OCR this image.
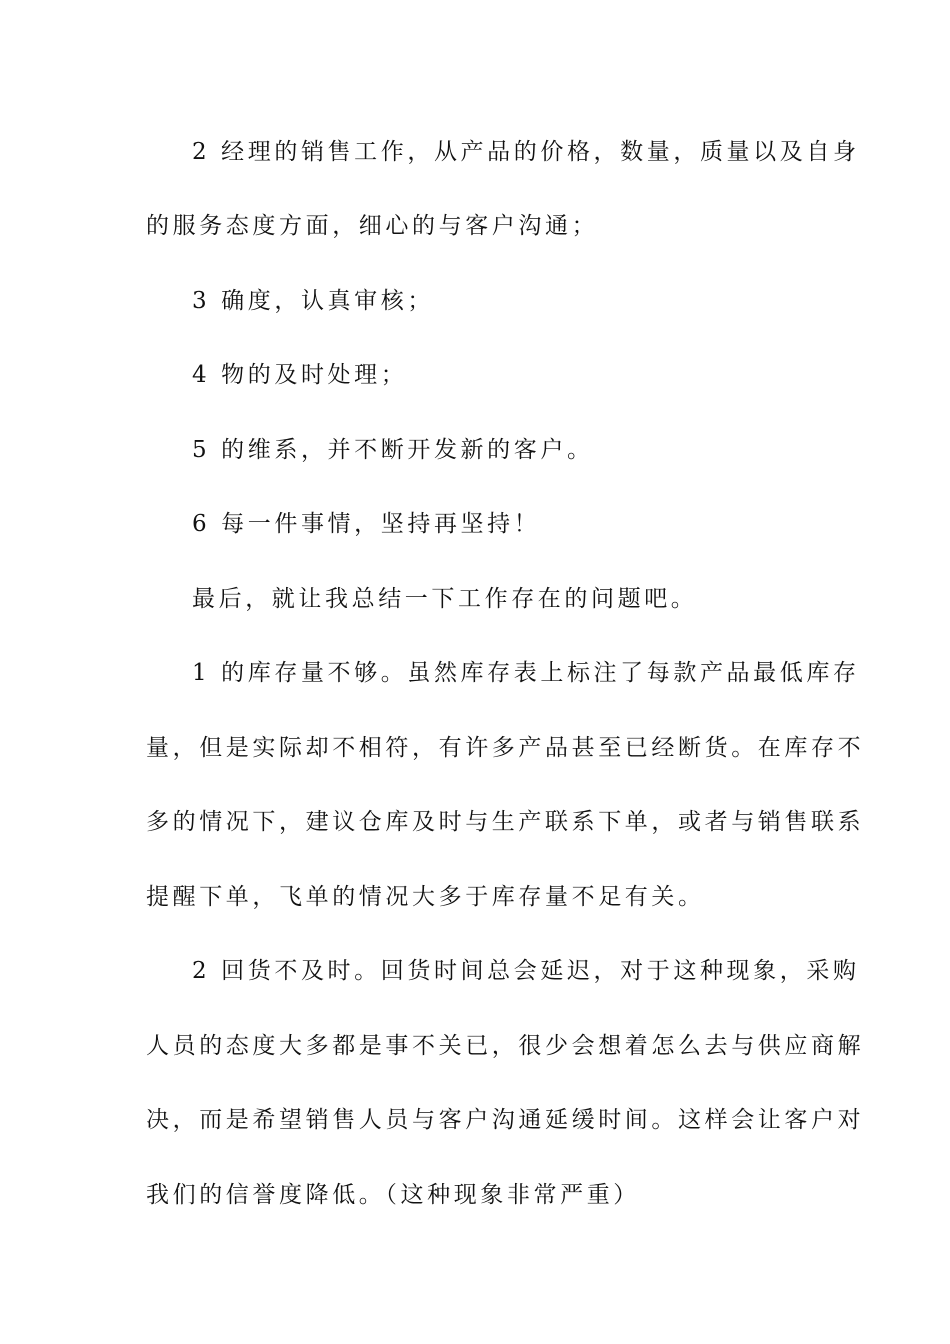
2 经理的销售工作，从产品的价格，数量，质量以及自身
的服务态度方面，细心的与客户沟通；
3 确度，认真审核；
4 物的及时处理；
5 的维系，并不断开发新的客户。
6 每一件事情，坚持再坚持！
最后，就让我总结一下工作存在的问题吧。
1 的库存量不够。虽然库存表上标注了每款产品最低库存
量，但是实际却不相符，有许多产品甚至已经断货。在库存不
多的情况下，建议仓库及时与生产联系下单，或者与销售联系
提醒下单，飞单的情况大多于库存量不足有关。
2 回货不及时。回货时间总会延迟，对于这种现象，采购
人员的态度大多都是事不关已，很少会想着怎么去与供应商解
决，而是希望销售人员与客户沟通延缓时间。这样会让客户对
我们的信誉度降低。（这种现象非常严重）
